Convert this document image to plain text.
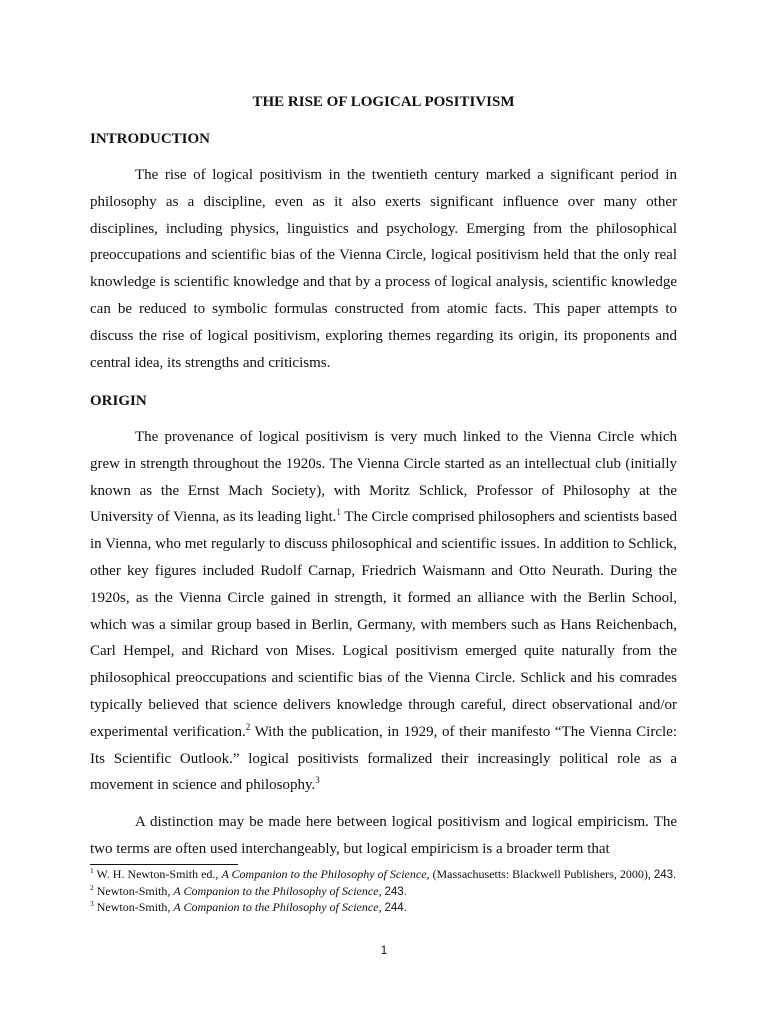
THE RISE OF LOGICAL POSITIVISM
INTRODUCTION

The rise of logical positivism in the twentieth century marked a significant period in philosophy as a discipline, even as it also exerts significant influence over many other disciplines, including physics, linguistics and psychology. Emerging from the philosophical preoccupations and scientific bias of the Vienna Circle, logical positivism held that the only real knowledge is scientific knowledge and that by a process of logical analysis, scientific knowledge can be reduced to symbolic formulas constructed from atomic facts. This paper attempts to discuss the rise of logical positivism, exploring themes regarding its origin, its proponents and central idea, its strengths and criticisms.

ORIGIN

The provenance of logical positivism is very much linked to the Vienna Circle which grew in strength throughout the 1920s. The Vienna Circle started as an intellectual club (initially known as the Ernst Mach Society), with Moritz Schlick, Professor of Philosophy at the University of Vienna, as its leading light.$^1$ The Circle comprised philosophers and scientists based in Vienna, who met regularly to discuss philosophical and scientific issues. In addition to Schlick, other key figures included Rudolf Carnap, Friedrich Waismann and Otto Neurath. During the 1920s, as the Vienna Circle gained in strength, it formed an alliance with the Berlin School, which was a similar group based in Berlin, Germany, with members such as Hans Reichenbach, Carl Hempel, and Richard von Mises. Logical positivism emerged quite naturally from the philosophical preoccupations and scientific bias of the Vienna Circle. Schlick and his comrades typically believed that science delivers knowledge through careful, direct observational and/or experimental verification.$^2$ With the publication, in 1929, of their manifesto “The Vienna Circle: Its Scientific Outlook.” logical positivists formalized their increasingly political role as a movement in science and philosophy.$^3$

A distinction may be made here between logical positivism and logical empiricism. The two terms are often used interchangeably, but logical empiricism is a broader term that

$^1$ W. H. Newton-Smith ed., A Companion to the Philosophy of Science, (Massachusetts: Blackwell Publishers, 2000), 243.

$^2$ Newton-Smith, A Companion to the Philosophy of Science, 243.

$^3$ Newton-Smith, A Companion to the Philosophy of Science, 244.

1
